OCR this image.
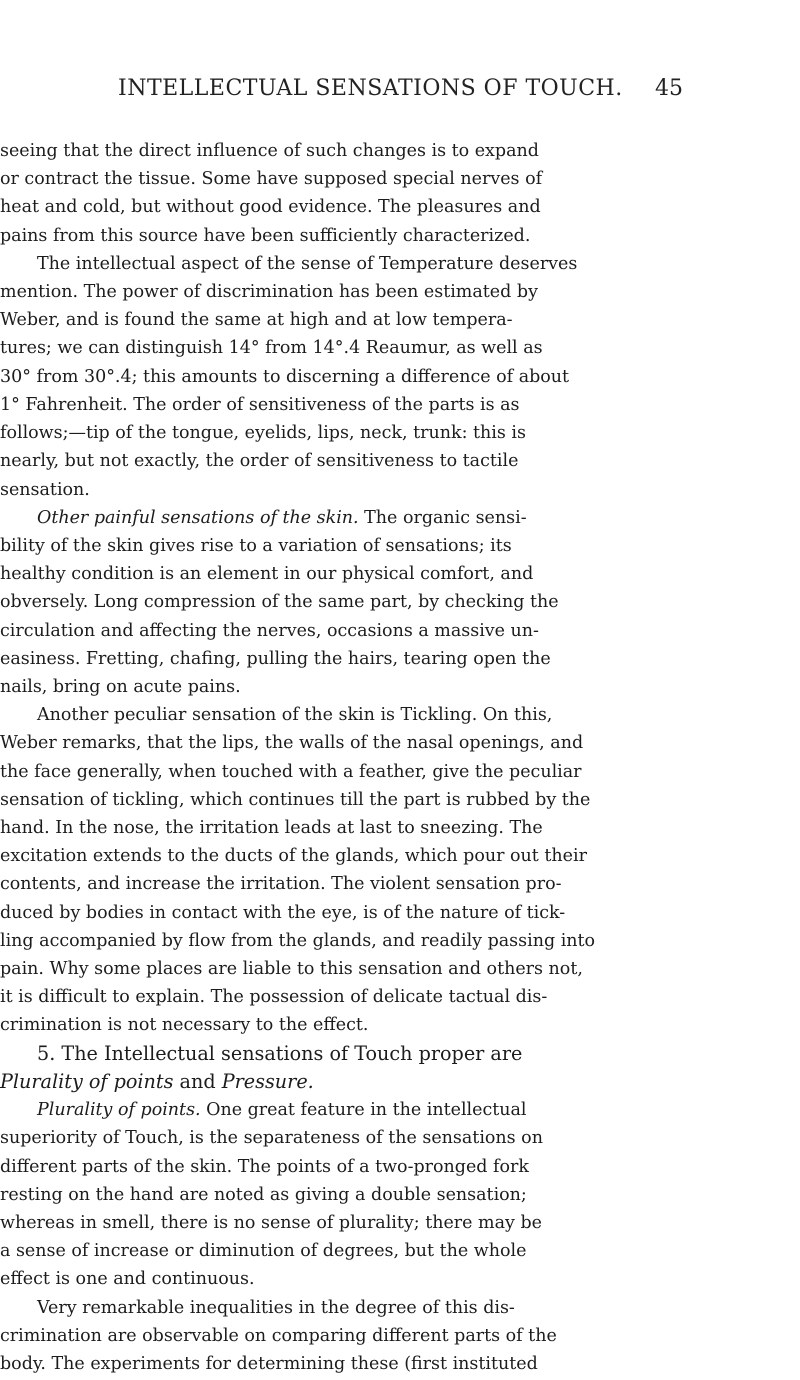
INTELLECTUAL SENSATIONS OF TOUCH. 45
seeing that the direct influence of such changes is to expand
or contract the tissue. Some have supposed special nerves of
heat and cold, but without good evidence. The pleasures and
pains from this source have been sufficiently characterized.
The intellectual aspect of the sense of Temperature deserves
mention. The power of discrimination has been estimated by
Weber, and is found the same at high and at low tempera-
tures; we can distinguish 14° from 14°.4 Reaumur, as well as
30° from 30°.4; this amounts to discerning a difference of about
1° Fahrenheit. The order of sensitiveness of the parts is as
follows;—tip of the tongue, eyelids, lips, neck, trunk: this is
nearly, but not exactly, the order of sensitiveness to tactile
sensation.
Other painful sensations of the skin. The organic sensi-
bility of the skin gives rise to a variation of sensations; its
healthy condition is an element in our physical comfort, and
obversely. Long compression of the same part, by checking the
circulation and affecting the nerves, occasions a massive un-
easiness. Fretting, chafing, pulling the hairs, tearing open the
nails, bring on acute pains.
Another peculiar sensation of the skin is Tickling. On this,
Weber remarks, that the lips, the walls of the nasal openings, and
the face generally, when touched with a feather, give the peculiar
sensation of tickling, which continues till the part is rubbed by the
hand. In the nose, the irritation leads at last to sneezing. The
excitation extends to the ducts of the glands, which pour out their
contents, and increase the irritation. The violent sensation pro-
duced by bodies in contact with the eye, is of the nature of tick-
ling accompanied by flow from the glands, and readily passing into
pain. Why some places are liable to this sensation and others not,
it is difficult to explain. The possession of delicate tactual dis-
crimination is not necessary to the effect.
5. The Intellectual sensations of Touch proper are
Plurality of points and Pressure.
Plurality of points. One great feature in the intellectual
superiority of Touch, is the separateness of the sensations on
different parts of the skin. The points of a two-pronged fork
resting on the hand are noted as giving a double sensation;
whereas in smell, there is no sense of plurality; there may be
a sense of increase or diminution of degrees, but the whole
effect is one and continuous.
Very remarkable inequalities in the degree of this dis-
crimination are observable on comparing different parts of the
body. The experiments for determining these (first instituted
